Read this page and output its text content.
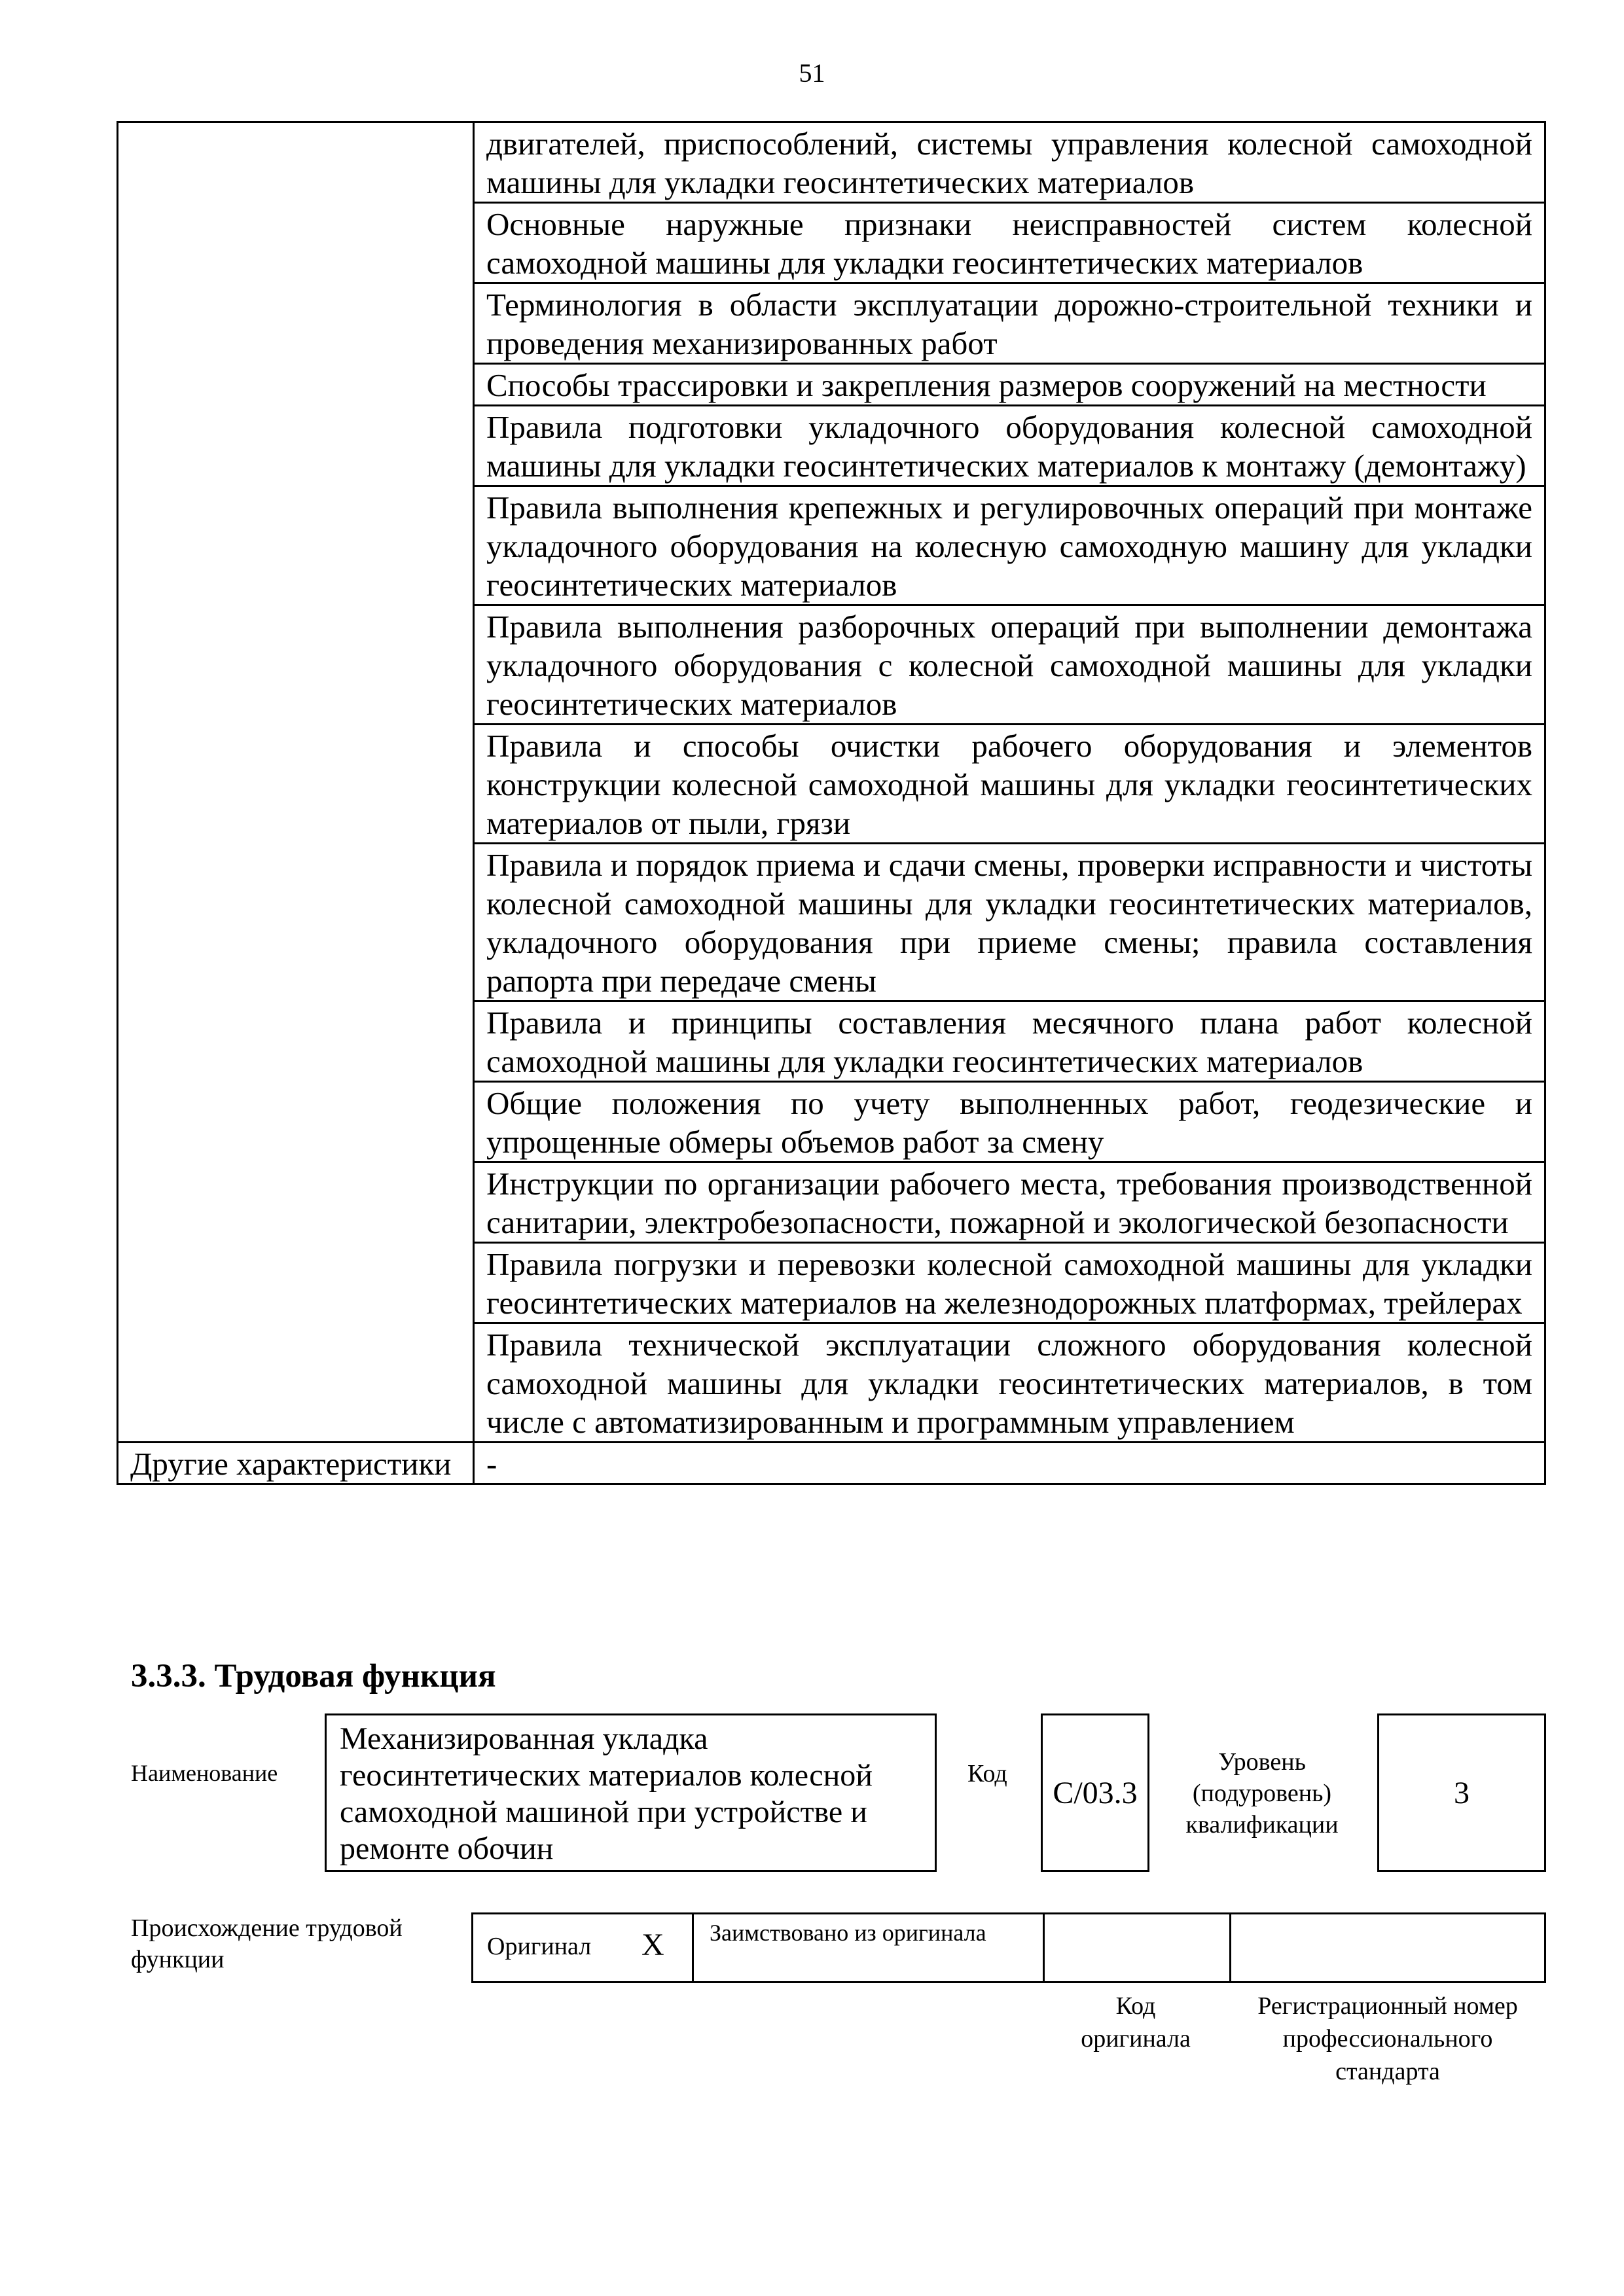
51
	двигателей, приспособлений, системы управления колесной самоходной машины для укладки геосинтетических материалов
	Основные наружные признаки неисправностей систем колесной самоходной машины для укладки геосинтетических материалов
	Терминология в области эксплуатации дорожно-строительной техники и проведения механизированных работ
	Способы трассировки и закрепления размеров сооружений на местности
	Правила подготовки укладочного оборудования колесной самоходной машины для укладки геосинтетических материалов к монтажу (демонтажу)
	Правила выполнения крепежных и регулировочных операций при монтаже укладочного оборудования на колесную самоходную машину для укладки геосинтетических материалов
	Правила выполнения разборочных операций при выполнении демонтажа укладочного оборудования с колесной самоходной машины для укладки геосинтетических материалов
	Правила и способы очистки рабочего оборудования и элементов конструкции колесной самоходной машины для укладки геосинтетических материалов от пыли, грязи
	Правила и порядок приема и сдачи смены, проверки исправности и чистоты колесной самоходной машины для укладки геосинтетических материалов, укладочного оборудования при приеме смены; правила составления рапорта при передаче смены
	Правила и принципы составления месячного плана работ колесной самоходной машины для укладки геосинтетических материалов
	Общие положения по учету выполненных работ, геодезические и упрощенные обмеры объемов работ за смену
	Инструкции по организации рабочего места, требования производственной санитарии, электробезопасности, пожарной и экологической безопасности
	Правила погрузки и перевозки колесной самоходной машины для укладки геосинтетических материалов на железнодорожных платформах, трейлерах
	Правила технической эксплуатации сложного оборудования колесной самоходной машины для укладки геосинтетических материалов, в том числе с автоматизированным и программным управлением
Другие характеристики	-
3.3.3. Трудовая функция
Наименование
Механизированная укладка геосинтетических материалов колесной самоходной машиной при устройстве и ремонте обочин
Код
C/03.3
Уровень (подуровень) квалификации
3
Происхождение трудовой функции	Оригинал X Заимствовано из оригинала
Код оригинала
Регистрационный номер профессионального стандарта
